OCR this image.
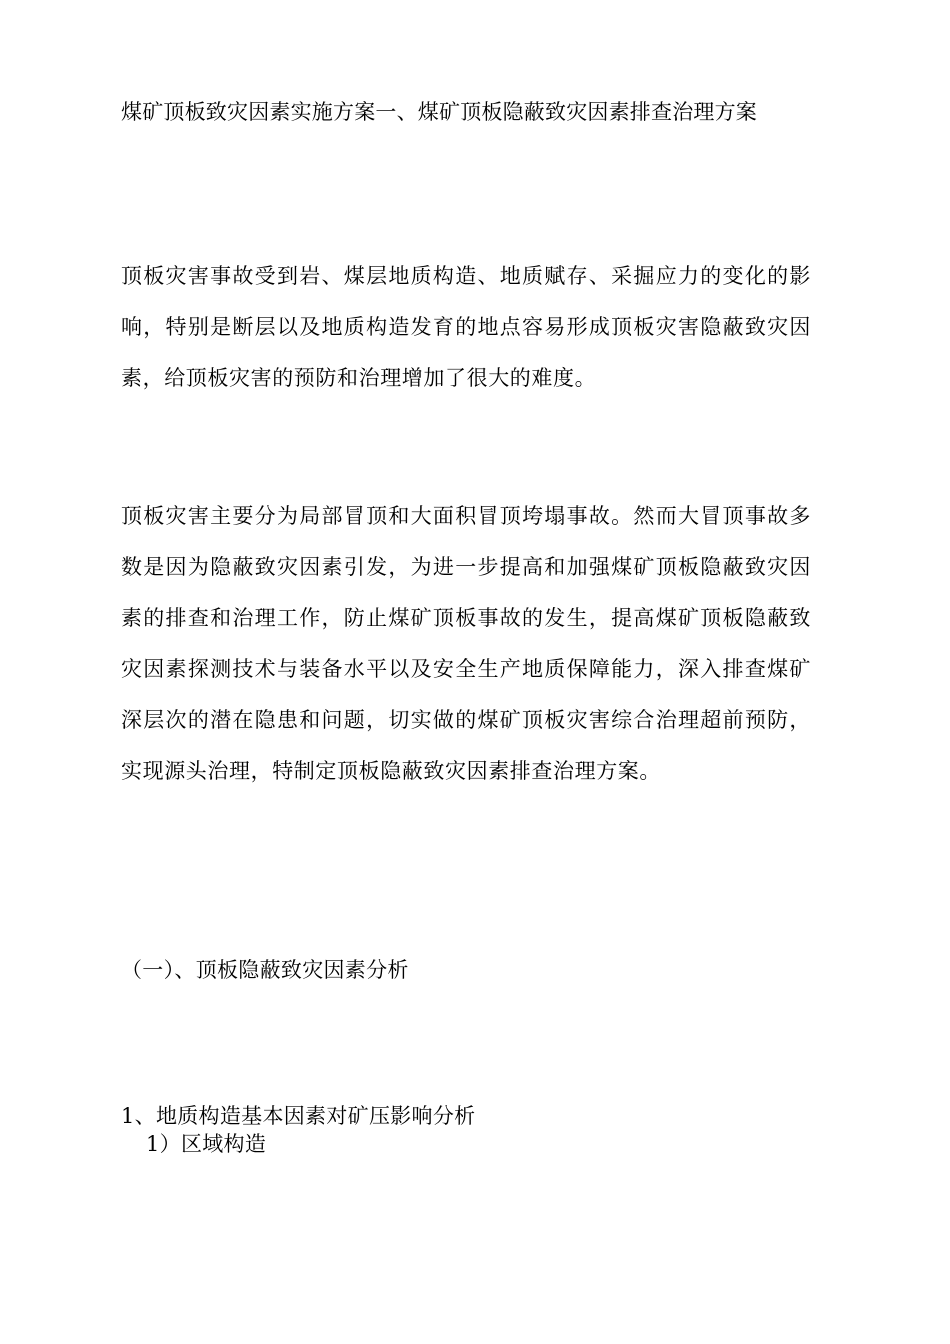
煤矿顶板致灾因素实施方案一、煤矿顶板隐蔽致灾因素排查治理方案

顶板灾害事故受到岩、煤层地质构造、地质赋存、采掘应力的变化的影响，特别是断层以及地质构造发育的地点容易形成顶板灾害隐蔽致灾因素，给顶板灾害的预防和治理增加了很大的难度。

顶板灾害主要分为局部冒顶和大面积冒顶垮塌事故。然而大冒顶事故多数是因为隐蔽致灾因素引发，为进一步提高和加强煤矿顶板隐蔽致灾因素的排查和治理工作，防止煤矿顶板事故的发生，提高煤矿顶板隐蔽致灾因素探测技术与装备水平以及安全生产地质保障能力，深入排查煤矿深层次的潜在隐患和问题，切实做的煤矿顶板灾害综合治理超前预防，实现源头治理，特制定顶板隐蔽致灾因素排查治理方案。

（一）、顶板隐蔽致灾因素分析
1、地质构造基本因素对矿压影响分析
1）区域构造
